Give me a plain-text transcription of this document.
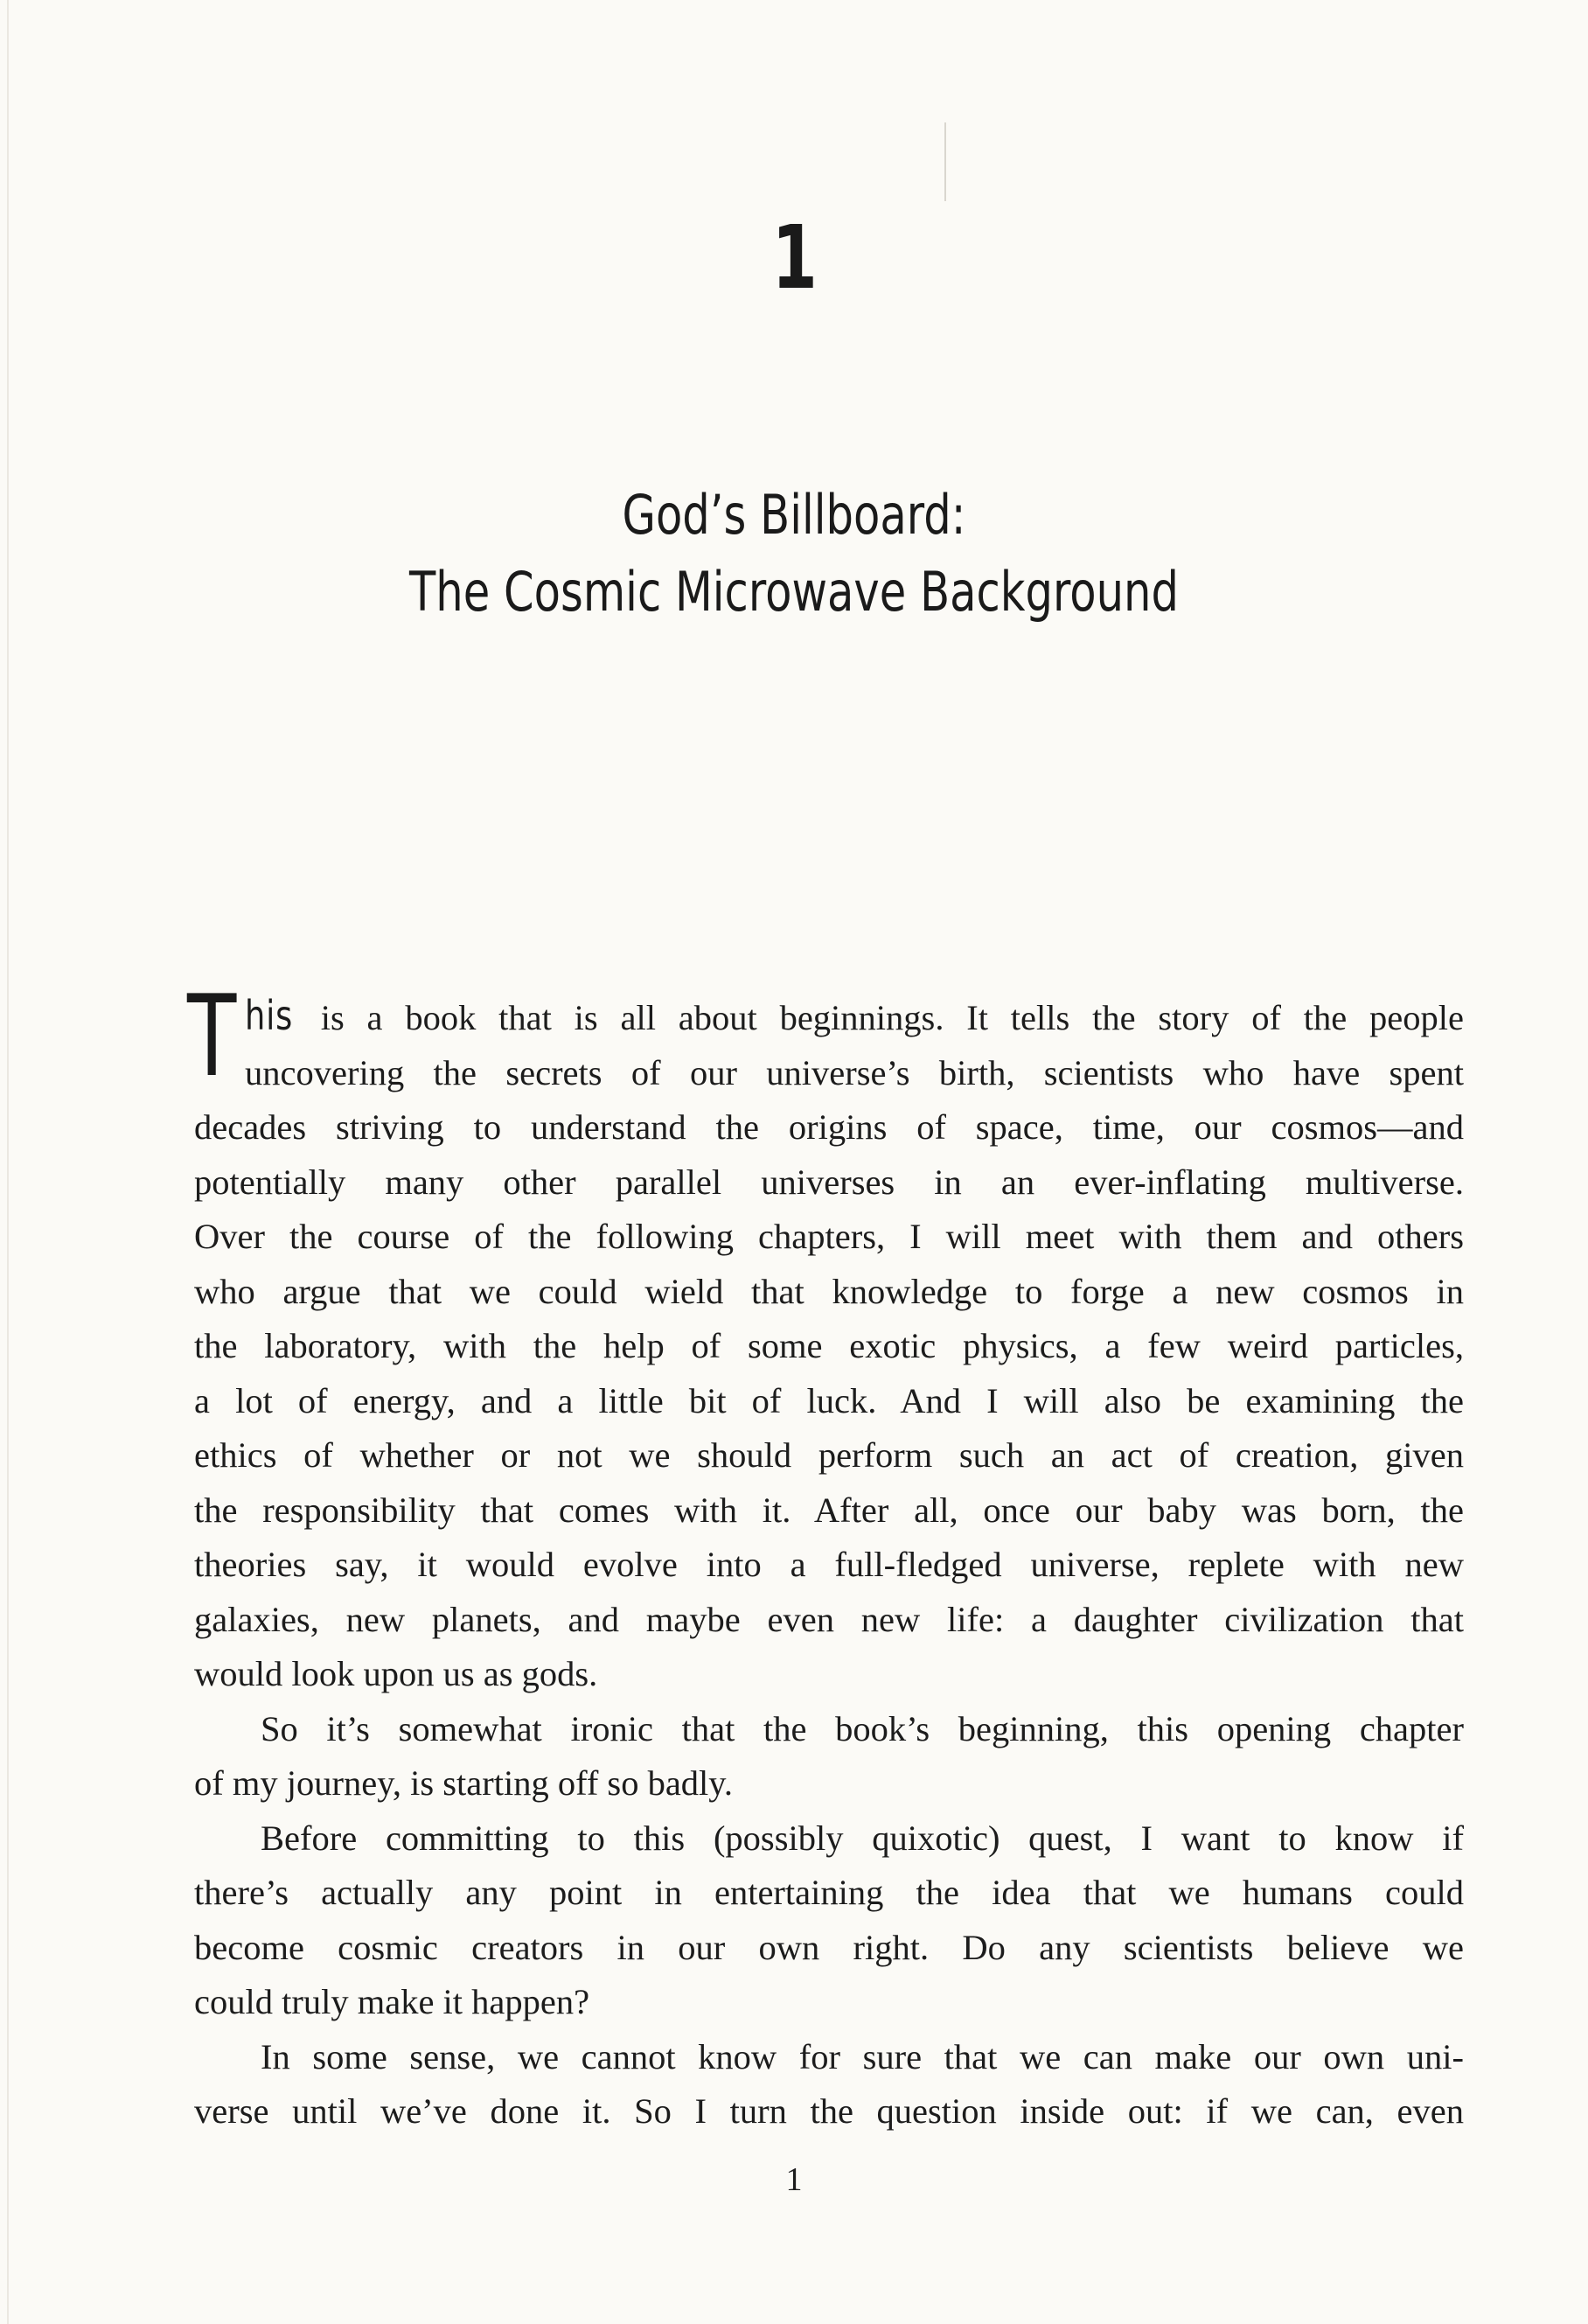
1
God’s Billboard:
The Cosmic Microwave Background
T his is a book that is all about beginnings. It tells the story of the people
uncovering the secrets of our universe’s birth, scientists who have spent
decades striving to understand the origins of space, time, our cosmos—and
potentially many other parallel universes in an ever-inflating multiverse.
Over the course of the following chapters, I will meet with them and others
who argue that we could wield that knowledge to forge a new cosmos in
the laboratory, with the help of some exotic physics, a few weird particles,
a lot of energy, and a little bit of luck. And I will also be examining the
ethics of whether or not we should perform such an act of creation, given
the responsibility that comes with it. After all, once our baby was born, the
theories say, it would evolve into a full-fledged universe, replete with new
galaxies, new planets, and maybe even new life: a daughter civilization that
would look upon us as gods.
So it’s somewhat ironic that the book’s beginning, this opening chapter
of my journey, is starting off so badly.
Before committing to this (possibly quixotic) quest, I want to know if
there’s actually any point in entertaining the idea that we humans could
become cosmic creators in our own right. Do any scientists believe we
could truly make it happen?
In some sense, we cannot know for sure that we can make our own uni-
verse until we’ve done it. So I turn the question inside out: if we can, even
1
